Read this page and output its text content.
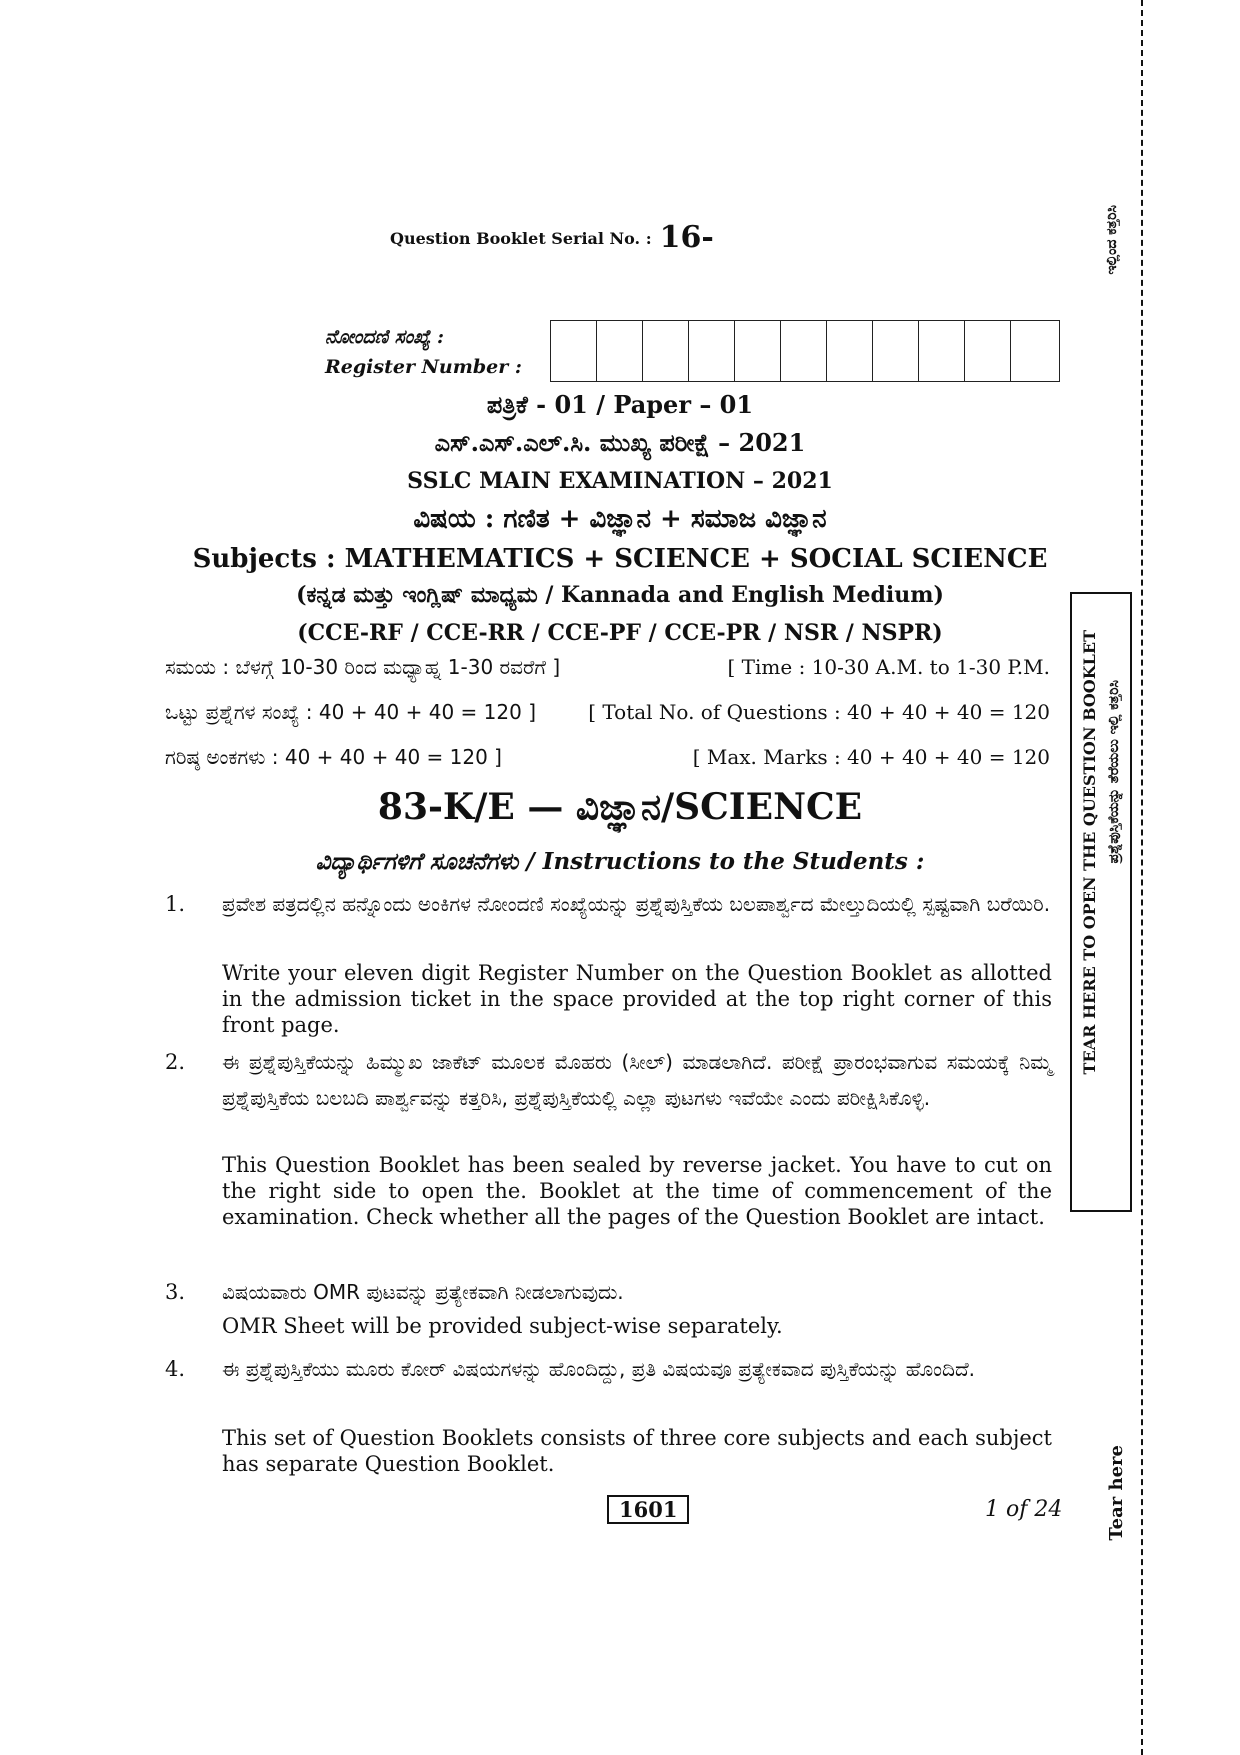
Question Booklet Serial No. : 16-
ನೋಂದಣಿ ಸಂಖ್ಯೆ :
Register Number :
ಪತ್ರಿಕೆ - 01 / Paper – 01
ಎಸ್.ಎಸ್.ಎಲ್.ಸಿ. ಮುಖ್ಯ ಪರೀಕ್ಷೆ – 2021
SSLC MAIN EXAMINATION – 2021
ವಿಷಯ : ಗಣಿತ + ವಿಜ್ಞಾನ + ಸಮಾಜ ವಿಜ್ಞಾನ
Subjects : MATHEMATICS + SCIENCE + SOCIAL SCIENCE
(ಕನ್ನಡ ಮತ್ತು ಇಂಗ್ಲಿಷ್ ಮಾಧ್ಯಮ / Kannada and English Medium)
(CCE-RF / CCE-RR / CCE-PF / CCE-PR / NSR / NSPR)
ಸಮಯ : ಬೆಳಗ್ಗೆ 10-30 ರಿಂದ ಮಧ್ಯಾಹ್ನ 1-30 ರವರೆಗೆ ]	[ Time : 10-30 A.M. to 1-30 P.M.
ಒಟ್ಟು ಪ್ರಶ್ನೆಗಳ ಸಂಖ್ಯೆ : 40 + 40 + 40 = 120 ]	[ Total No. of Questions : 40 + 40 + 40 = 120
ಗರಿಷ್ಠ ಅಂಕಗಳು : 40 + 40 + 40 = 120 ]	[ Max. Marks : 40 + 40 + 40 = 120
83-K/E — ವಿಜ್ಞಾನ/SCIENCE
ವಿದ್ಯಾರ್ಥಿಗಳಿಗೆ ಸೂಚನೆಗಳು / Instructions to the Students :
1. ಪ್ರವೇಶ ಪತ್ರದಲ್ಲಿನ ಹನ್ನೊಂದು ಅಂಕಿಗಳ ನೋಂದಣಿ ಸಂಖ್ಯೆಯನ್ನು ಪ್ರಶ್ನೆಪುಸ್ತಿಕೆಯ ಬಲಪಾರ್ಶ್ವದ ಮೇಲ್ತುದಿಯಲ್ಲಿ ಸ್ಪಷ್ಟವಾಗಿ ಬರೆಯಿರಿ.
Write your eleven digit Register Number on the Question Booklet as allotted in the admission ticket in the space provided at the top right corner of this front page.
2. ಈ ಪ್ರಶ್ನೆಪುಸ್ತಿಕೆಯನ್ನು ಹಿಮ್ಮುಖ ಜಾಕೆಟ್ ಮೂಲಕ ಮೊಹರು (ಸೀಲ್) ಮಾಡಲಾಗಿದೆ. ಪರೀಕ್ಷೆ ಪ್ರಾರಂಭವಾಗುವ ಸಮಯಕ್ಕೆ ನಿಮ್ಮ ಪ್ರಶ್ನೆಪುಸ್ತಿಕೆಯ ಬಲಬದಿ ಪಾರ್ಶ್ವವನ್ನು ಕತ್ತರಿಸಿ, ಪ್ರಶ್ನೆಪುಸ್ತಿಕೆಯಲ್ಲಿ ಎಲ್ಲಾ ಪುಟಗಳು ಇವೆಯೇ ಎಂದು ಪರೀಕ್ಷಿಸಿಕೊಳ್ಳಿ.
This Question Booklet has been sealed by reverse jacket. You have to cut on the right side to open the. Booklet at the time of commencement of the examination. Check whether all the pages of the Question Booklet are intact.
3. ವಿಷಯವಾರು OMR ಪುಟವನ್ನು ಪ್ರತ್ಯೇಕವಾಗಿ ನೀಡಲಾಗುವುದು.
OMR Sheet will be provided subject-wise separately.
4. ಈ ಪ್ರಶ್ನೆಪುಸ್ತಿಕೆಯು ಮೂರು ಕೋರ್ ವಿಷಯಗಳನ್ನು ಹೊಂದಿದ್ದು, ಪ್ರತಿ ವಿಷಯವೂ ಪ್ರತ್ಯೇಕವಾದ ಪುಸ್ತಿಕೆಯನ್ನು ಹೊಂದಿದೆ.
This set of Question Booklets consists of three core subjects and each subject has separate Question Booklet.
1601	1 of 24
TEAR HERE TO OPEN THE QUESTION BOOKLET ಪ್ರಶ್ನೆಪುಸ್ತಿಕೆಯನ್ನು ತೆರೆಯಲು ಇಲ್ಲಿ ಕತ್ತರಿಸಿ
ಇಲ್ಲಿಂದ ಕತ್ತರಿಸಿ
Tear here
